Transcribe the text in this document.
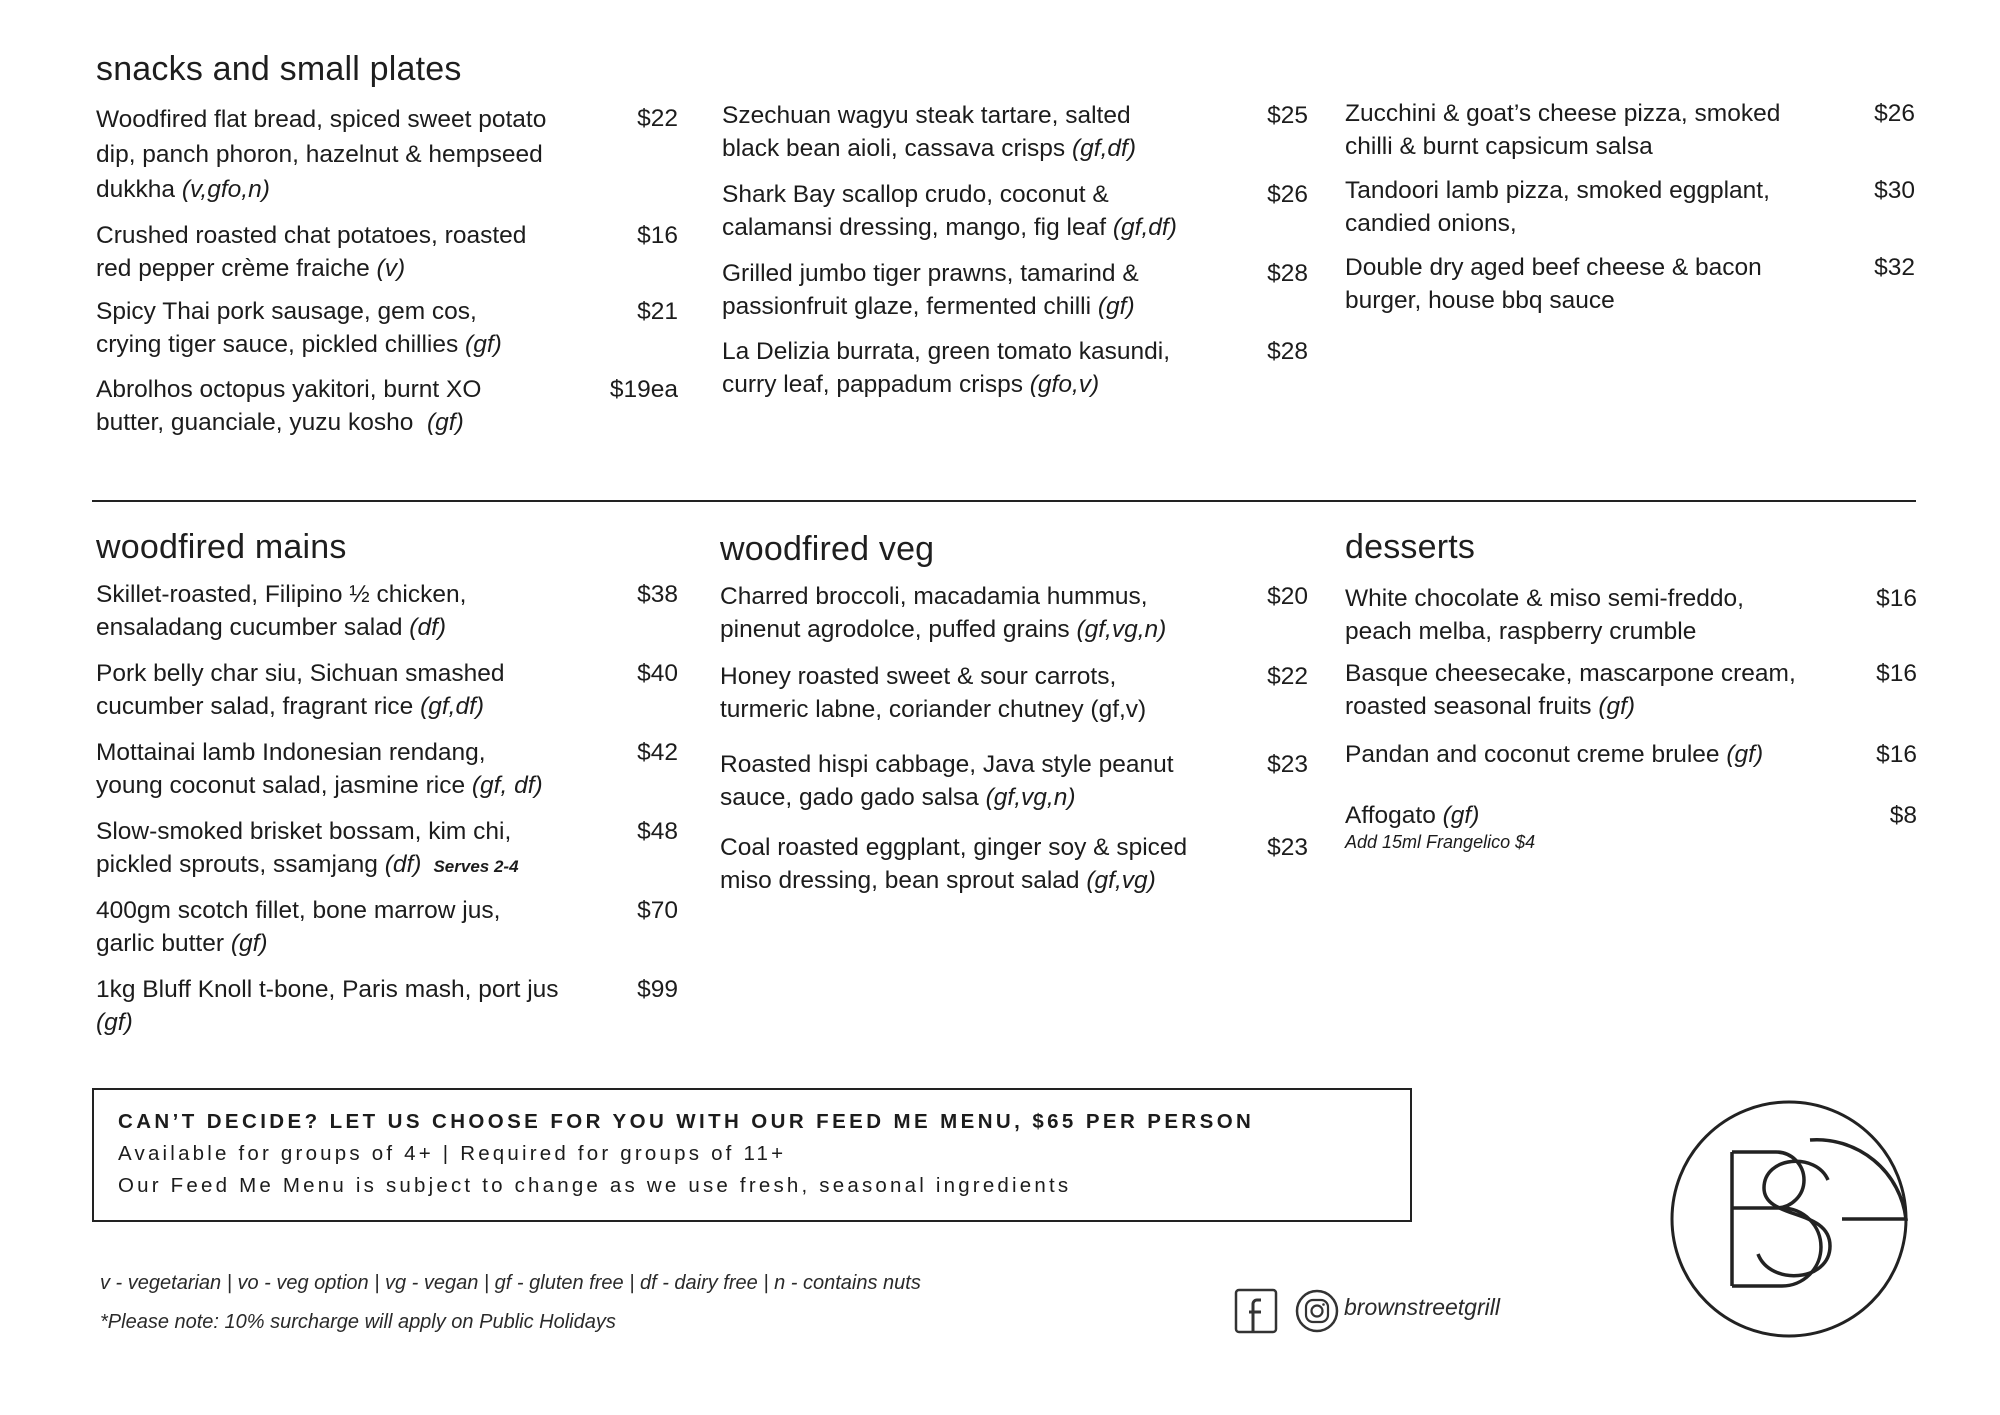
snacks and small plates
Woodfired flat bread, spiced sweet potato
dip, panch phoron, hazelnut & hempseed
dukkha (v,gfo,n)
$22
Crushed roasted chat potatoes, roasted
red pepper crème fraiche (v)
$16
Spicy Thai pork sausage, gem cos,
crying tiger sauce, pickled chillies (gf)
$21
Abrolhos octopus yakitori, burnt XO
butter, guanciale, yuzu kosho (gf)
$19ea
Szechuan wagyu steak tartare, salted
black bean aioli, cassava crisps (gf,df)
$25
Shark Bay scallop crudo, coconut &
calamansi dressing, mango, fig leaf (gf,df)
$26
Grilled jumbo tiger prawns, tamarind &
passionfruit glaze, fermented chilli (gf)
$28
La Delizia burrata, green tomato kasundi,
curry leaf, pappadum crisps (gfo,v)
$28
Zucchini & goat’s cheese pizza, smoked
chilli & burnt capsicum salsa
$26
Tandoori lamb pizza, smoked eggplant,
candied onions,
$30
Double dry aged beef cheese & bacon
burger, house bbq sauce
$32
woodfired mains
Skillet-roasted, Filipino ½ chicken,
ensaladang cucumber salad (df)
$38
Pork belly char siu, Sichuan smashed
cucumber salad, fragrant rice (gf,df)
$40
Mottainai lamb Indonesian rendang,
young coconut salad, jasmine rice (gf, df)
$42
Slow-smoked brisket bossam, kim chi,
pickled sprouts, ssamjang (df) Serves 2-4
$48
400gm scotch fillet, bone marrow jus,
garlic butter (gf)
$70
1kg Bluff Knoll t-bone, Paris mash, port jus
(gf)
$99
woodfired veg
Charred broccoli, macadamia hummus,
pinenut agrodolce, puffed grains (gf,vg,n)
$20
Honey roasted sweet & sour carrots,
turmeric labne, coriander chutney (gf,v)
$22
Roasted hispi cabbage, Java style peanut
sauce, gado gado salsa (gf,vg,n)
$23
Coal roasted eggplant, ginger soy & spiced
miso dressing, bean sprout salad (gf,vg)
$23
desserts
White chocolate & miso semi-freddo,
peach melba, raspberry crumble
$16
Basque cheesecake, mascarpone cream,
roasted seasonal fruits (gf)
$16
Pandan and coconut creme brulee (gf)	$16
Affogato (gf)
$^{Add 15ml Frangelico \$4}$
$8
CAN’T DECIDE? LET US CHOOSE FOR YOU WITH OUR FEED ME MENU, $65 PER PERSON
Available for groups of 4+ | Required for groups of 11+
Our Feed Me Menu is subject to change as we use fresh, seasonal ingredients
v - vegetarian | vo - veg option | vg - vegan | gf - gluten free | df - dairy free | n - contains nuts
*Please note: 10% surcharge will apply on Public Holidays
brownstreetgrill
